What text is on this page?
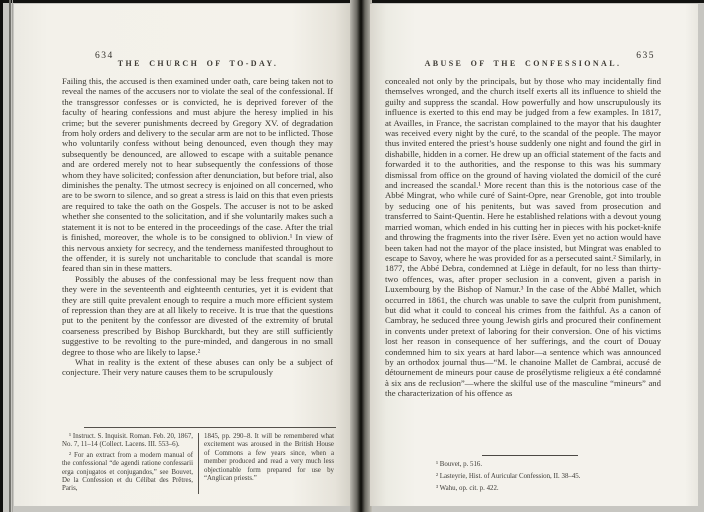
634
THE CHURCH OF TO-DAY.

Failing this, the accused is then examined under oath, care being taken not to reveal the names of the accusers nor to violate the seal of the confessional. If the transgressor confesses or is convicted, he is deprived forever of the faculty of hearing confessions and must abjure the heresy implied in his crime; but the severer punishments decreed by Gregory XV. of degradation from holy orders and delivery to the secular arm are not to be inflicted. Those who voluntarily confess without being denounced, even though they may subsequently be denounced, are allowed to escape with a suitable penance and are ordered merely not to hear subsequently the confessions of those whom they have solicited; confession after denunciation, but before trial, also diminishes the penalty. The utmost secrecy is enjoined on all concerned, who are to be sworn to silence, and so great a stress is laid on this that even priests are required to take the oath on the Gospels. The accuser is not to be asked whether she consented to the solicitation, and if she voluntarily makes such a statement it is not to be entered in the proceedings of the case. After the trial is finished, moreover, the whole is to be consigned to oblivion.¹ In view of this nervous anxiety for secrecy, and the tenderness manifested throughout to the offender, it is surely not uncharitable to conclude that scandal is more feared than sin in these matters.

Possibly the abuses of the confessional may be less frequent now than they were in the seventeenth and eighteenth centuries, yet it is evident that they are still quite prevalent enough to require a much more efficient system of repression than they are at all likely to receive. It is true that the questions put to the penitent by the confessor are divested of the extremity of brutal coarseness prescribed by Bishop Burckhardt, but they are still sufficiently suggestive to be revolting to the pure-minded, and dangerous in no small degree to those who are likely to lapse.²

What in reality is the extent of these abuses can only be a subject of conjecture. Their very nature causes them to be scrupulously

¹ Instruct. S. Inquisit. Roman. Feb. 20, 1867, No. 7, 11–14 (Collect. Lacens. III. 553–6).

² For an extract from a modern manual of the confessional “de agendi ratione confessarii erga conjugatos et conjugandos,” see Bouvet, De la Confession et du Célibat des Prêtres, Paris,

1845, pp. 290–8. It will be remembered what excitement was aroused in the British House of Commons a few years since, when a member produced and read a very much less objectionable form prepared for use by “Anglican priests.”

ABUSE OF THE CONFESSIONAL.
635

concealed not only by the principals, but by those who may incidentally find themselves wronged, and the church itself exerts all its influence to shield the guilty and suppress the scandal. How powerfully and how unscrupulously its influence is exerted to this end may be judged from a few examples. In 1817, at Availles, in France, the sacristan complained to the mayor that his daughter was received every night by the curé, to the scandal of the people. The mayor thus invited entered the priest’s house suddenly one night and found the girl in dishabille, hidden in a corner. He drew up an official statement of the facts and forwarded it to the authorities, and the response to this was his summary dismissal from office on the ground of having violated the domicil of the curé and increased the scandal.¹ More recent than this is the notorious case of the Abbé Mingrat, who while curé of Saint-Opre, near Grenoble, got into trouble by seducing one of his penitents, but was saved from prosecution and transferred to Saint-Quentin. Here he established relations with a devout young married woman, which ended in his cutting her in pieces with his pocket-knife and throwing the fragments into the river Isère. Even yet no action would have been taken had not the mayor of the place insisted, but Mingrat was enabled to escape to Savoy, where he was provided for as a persecuted saint.² Similarly, in 1877, the Abbé Debra, condemned at Liège in default, for no less than thirty-two offences, was, after proper seclusion in a convent, given a parish in Luxembourg by the Bishop of Namur.³ In the case of the Abbé Mallet, which occurred in 1861, the church was unable to save the culprit from punishment, but did what it could to conceal his crimes from the faithful. As a canon of Cambray, he seduced three young Jewish girls and procured their confinement in convents under pretext of laboring for their conversion. One of his victims lost her reason in consequence of her sufferings, and the court of Douay condemned him to six years at hard labor—a sentence which was announced by an orthodox journal thus—“M. le chanoine Mallet de Cambrai, accusé de détournement de mineurs pour cause de prosélytisme religieux a été condamné à six ans de reclusion”—where the skilful use of the masculine “mineurs” and the characterization of his offence as

¹ Bouvet, p. 516.

² Lasteyrie, Hist. of Auricular Confession, II. 38–45.

³ Wahu, op. cit. p. 422.
